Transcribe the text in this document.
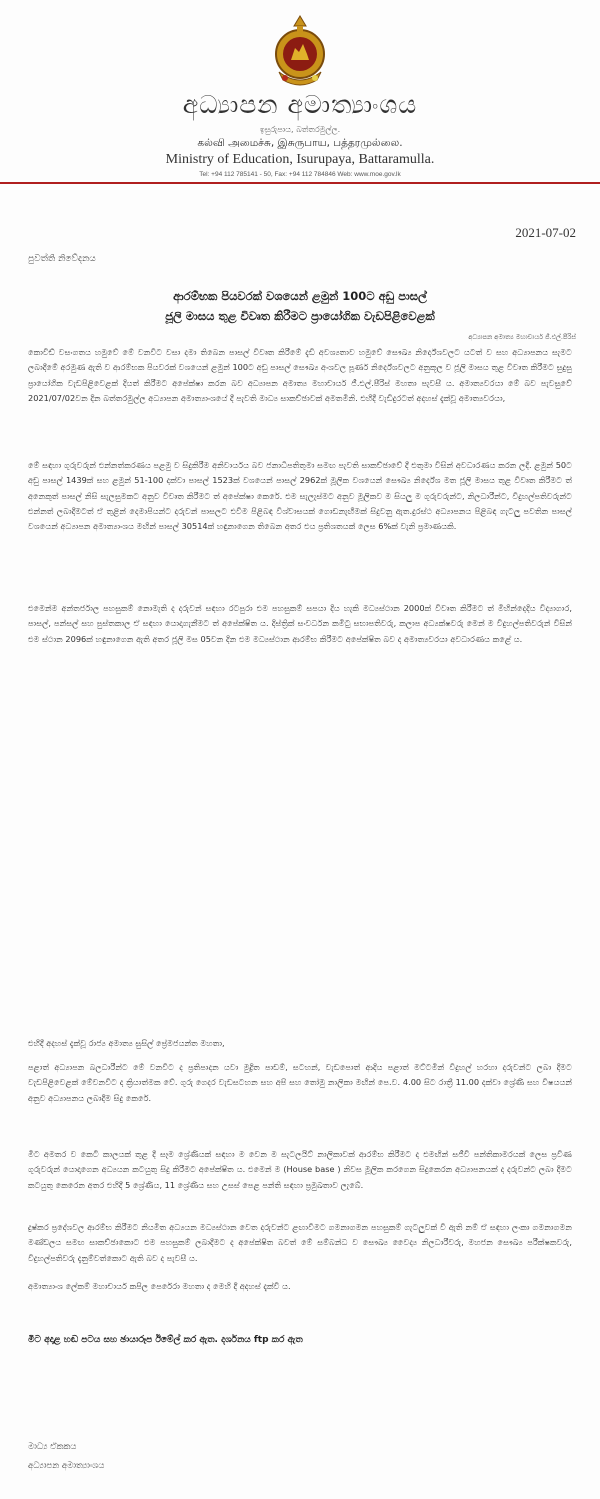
අධ්‍යාපන අමාත්‍යාංශය
ඉසුරුපාය, බත්තරමුල්ල.
கல்வி அமைச்சு, இசுருபாய, பத்தரமுல்லை.
Ministry of Education, Isurupaya, Battaramulla.
Tel: +94 112 785141 - 50, Fax: +94 112 784846 Web: www.moe.gov.lk
2021-07-02
පුවත්ති නිවේදනය
ආරම්භක පියවරක් වශයෙන් ළමුන් 100ට අඩු පාසල්
ජූලි මාසය තුළ විවෘත කිරීමට ප්‍රායෝගික වැඩපිළිවෙළක්
අධ්‍යාපන අමාත්‍ය මහාචාර්ය ජී.එල්.පීරිස්

කොවිඩ් වසංගතය හමුවේ මේ වනවිට වසා දමා තිබෙන පාසල් විවෘත කිරීමේ දැඩි අවශ්‍යතාව හමුවේ සෞඛ්‍ය නිර්දේශවලට යටත් ව සහ අධ්‍යාපනය සැමට ලබාදීමේ අරමුණ ඇති ව ආරම්භක පියවරක් වශයෙන් ළමුන් 100ට අඩු පාසල් සෞඛ්‍ය අංශවල පූර්ණ නිර්දේශවලට අනුකූල ව ජූලි මාසය තුළ විවෘත කිරීමට සුදුසු ප්‍රායෝගික වැඩපිළිවෙළක් දියත් කිරීමට අපේක්ෂා කරන බව අධ්‍යාපන අමාත්‍ය මහාචාර්ය ජී.එල්.පීරිස් මහතා පැවසී ය. අමාත්‍යවරයා මේ බව පැවසුවේ 2021/07/02වන දින බත්තරමුල්ල අධ්‍යාපන අමාත්‍යාංශයේ දී පැවති මාධ්‍ය සාකච්ඡාවක් අමතමිනි. එහිදී වැඩිදුරටත් අදහස් දැක්වූ අමාත්‍යවරයා,

මේ සඳහා ගුරුවරුන් එන්නත්කරණය පළමු ව සිදුකිරීම අනිවාර්යය බව ජනාධිපතිතුමා සමඟ පැවති සාකච්ඡාවේ දී එතුමා විසින් අවධාරණය කරන ලදී. ළමුන් 50ට අඩු පාසල් 1439ක් සහ ළමුන් 51-100 දක්වා පාසල් 1523ක් වශයෙන් පාසල් 2962ක් මූලික වශයෙන් සෞඛ්‍ය නිර්දේශ මත ජූලි මාසය තුළ විවෘත කිරීමට ත් අනෙකුත් පාසල් නිසි සැලසුමකට අනුව විවෘත කිරීමට ත් අපේක්ෂා කෙරේ. එම සැලැස්මට අනුව මූලිකව ම සියලු ම ගුරුවරුන්ට, නිලධාරීන්ට, විදුහල්පතිවරුන්ට එන්නත් ලබාදීමටත් ඒ තුළින් දෙමාපියන්ට දරුවන් පාසලට එවීම පිළිබඳ විශ්වාසයක් ගොඩනැඟීමක් සිදුවනු ඇත.දුරස්ථ අධ්‍යාපනය පිළිබඳ ගැටලු පවතින පාසල් වශයෙන් අධ්‍යාපන අමාත්‍යාංශය මඟින් පාසල් 30514ක් හඳුනාගෙන තිබෙන අතර එය ප්‍රතිශතයක් ලෙස 6%ක් වැනි ප්‍රමාණයකි.

එමෙන්ම අන්තර්ජාල පහසුකම් නොමැති ද දරුවන් සඳහා රටපුරා එම පහසුකම් සපයා දිය හැකි මධ්‍යස්ථාන 2000ක් විවෘත කිරීමට ත් මිහින්දෙදිය විද්‍යාගාර, පාසල්, පන්සල් සහ පුස්තකාල ඒ සඳහා යොදාගැනීමට ත් අපේක්ෂිත ය. දිස්ත්‍රික් සංවර්ධන කමිටු සභාපතිවරු, කලාප අධ්‍යක්ෂවරු මෙන් ම විදුහල්පතිවරුන් විසින් එම ස්ථාන 2096ක් හඳුනාගෙන ඇති අතර ජූලි මස 05වන දින එම මධ්‍යස්ථාන ආරම්භ කිරීමට අපේක්ෂිත බව ද අමාත්‍යවරයා අවධාරණය කළේ ය.

එහිදී අදහස් දැක්වූ රාජ්‍ය අමාත්‍ය සුසිල් ප්‍රේමජයන්ත මහතා,

පළාත් අධ්‍යාපන බලධාරීන්ට මේ වනවිට ද ප්‍රතිපාදන යවා මුද්‍රිත පාඩම්, සටහන්, වැඩපොත් ආදිය පළාත් මට්ටමින් විදුහල් හරහා දරුවන්ට ලබා දීමට වැඩපිළිවෙළක් මේවනවිට ද ක්‍රියාත්මක වේ. ගුරු ගෙදර වැඩසටහන සහ අපි සහ තෝමු නාලිකා මඟින් පෙ.ව. 4.00 සිට රාත්‍රී 11.00 දක්වා ශ්‍රේණි සහ විෂයයන් අනුව අධ්‍යාපනය ලබාදීම සිදු කෙරේ.

මීට අමතර ව කෙටි කාලයක් තුළ දී සෑම ශ්‍රේණියක් සඳහා ම වෙන ම සැටලයිට් නාලිකාවක් ආරම්භ කිරීමට ද එමඟින් සජීවී පන්තිකාමරයක් ලෙස ප්‍රවීණ ගුරුවරුන් යොදාගෙන අධ්‍යයන කටයුතු සිදු කිරීමට අපේක්ෂිත ය. එමෙන් ම (House base ) නිවස මූලික කරගෙන සිදුකෙරන අධ්‍යාපනයක් ද දරුවන්ට ලබා දීමට කටයුතු කෙරෙන අතර එහිදී 5 ශ්‍රේණිය, 11 ශ්‍රේණිය සහ උසස් පෙළ පන්ති සඳහා ප්‍රමුඛතාව ලැබේ.

දුෂ්කර ප්‍රදේශවල ආරම්භ කිරීමට නියමිත අධ්‍යයන මධ්‍යස්ථාන වෙත දරුවන්ට ළඟාවීමට ගමනාගමන පහසුකම් ගැටලුවක් වී ඇති නම් ඒ සඳහා ලංකා ගමනාගමන මණ්ඩලය සමඟ සාකච්ඡාකොට එම පහසුකම් ලබාදීමට ද අපේක්ෂිත බවත් මේ සම්බන්ධ ව සෞඛ්‍ය වෛද්‍ය නිලධාරීවරු, මහජන සෞඛ්‍ය පරීක්ෂකවරු, විදුහල්පතිවරු දැනුම්වත්කොට ඇති බව ද පැවසී ය.

අමාත්‍යාංශ ලේකම් මහාචාර්ය කපිල පෙරේරා මහතා ද මෙහි දී අදහස් දැක්වී ය.

මීට අදාළ හඬ පටය සහ ඡායාරූප ඊමේල් කර ඇත. දර්ශනය ftp කර ඇත
මාධ්‍ය ඒකකය
අධ්‍යාපන අමාත්‍යාංශය
